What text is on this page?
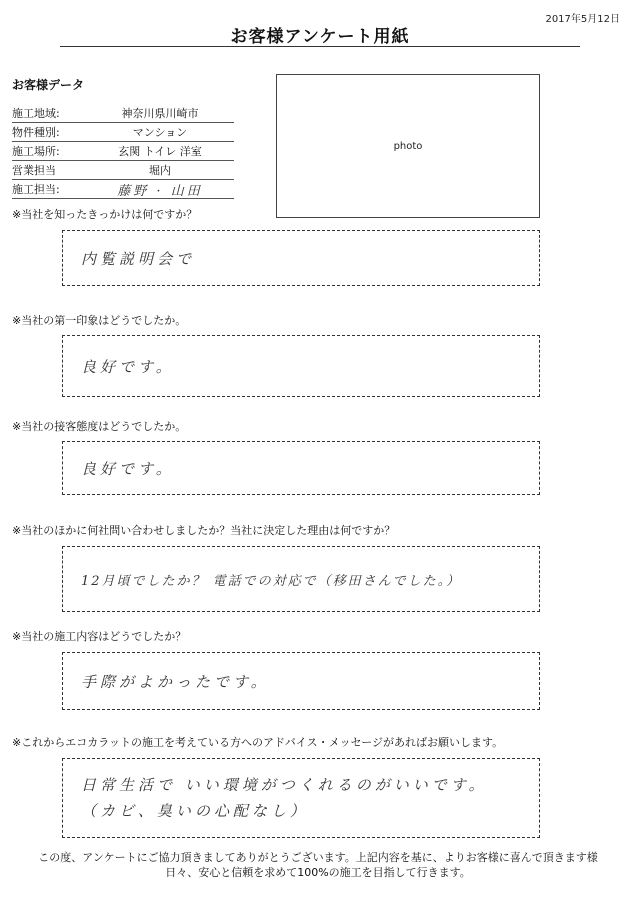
2017年5月12日
お客様アンケート用紙
お客様データ
施工地域:	神奈川県川崎市
物件種別:	マンション
施工場所:	玄関 トイレ 洋室
営業担当	堀内
施工担当:	藤野 · 山田
photo
※当社を知ったきっかけは何ですか？
内覧説明会で
※当社の第一印象はどうでしたか。
良好です。
※当社の接客態度はどうでしたか。
良好です。
※当社のほかに何社問い合わせしましたか？当社に決定した理由は何ですか？
12月頃でしたか？ 電話での対応で（移田さんでした。）
※当社の施工内容はどうでしたか？
手際がよかったです。
※これからエコカラットの施工を考えている方へのアドバイス・メッセージがあればお願いします。
日常生活で いい環境がつくれるのがいいです。
（カビ、臭いの心配なし）
この度、アンケートにご協力頂きましてありがとうございます。上記内容を基に、よりお客様に喜んで頂きます様
日々、安心と信頼を求めて100%の施工を目指して行きます。
